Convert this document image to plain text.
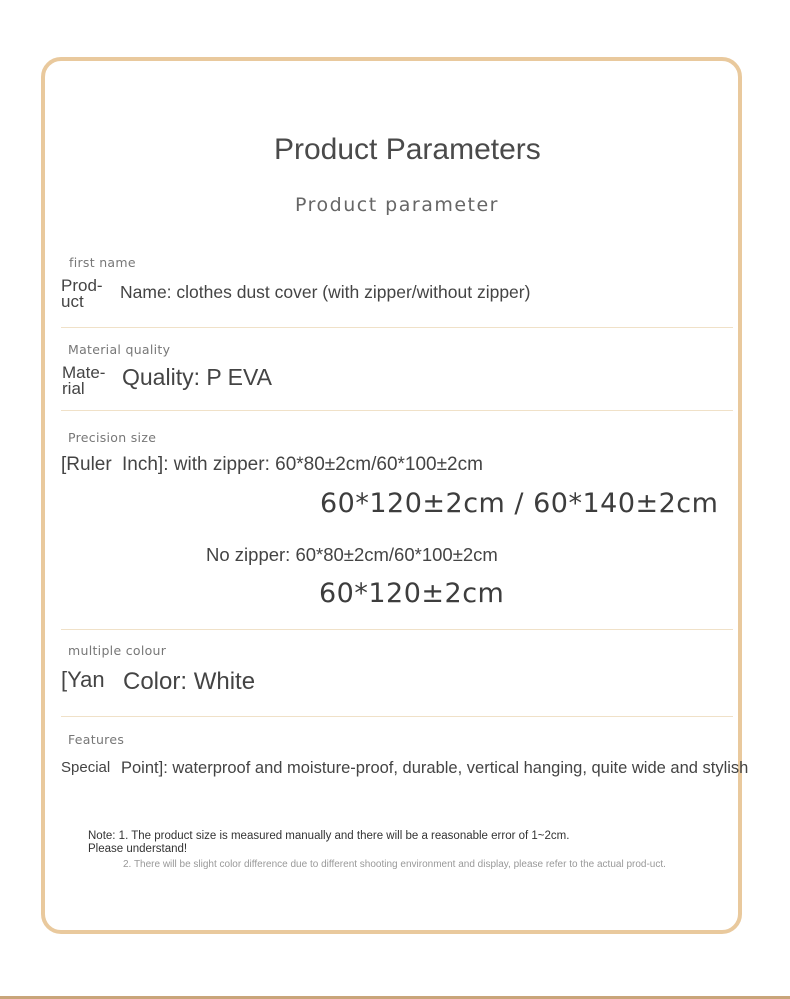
Product Parameters
Product parameter
first name
Prod-
uct Name: clothes dust cover (with zipper/without zipper)
Material quality
Mate-
rial Quality: P EVA
Precision size
[Ruler Inch]: with zipper: 60*80±2cm/60*100±2cm
60*120±2cm / 60*140±2cm
No zipper: 60*80±2cm/60*100±2cm
60*120±2cm
multiple colour
[Yan Color: White
Features
Special Point]: waterproof and moisture-proof, durable, vertical hanging, quite wide and stylish
Note: 1. The product size is measured manually and there will be a reasonable error of 1~2cm.
Please understand!
2. There will be slight color difference due to different shooting environment and display, please refer to the actual prod-uct.
